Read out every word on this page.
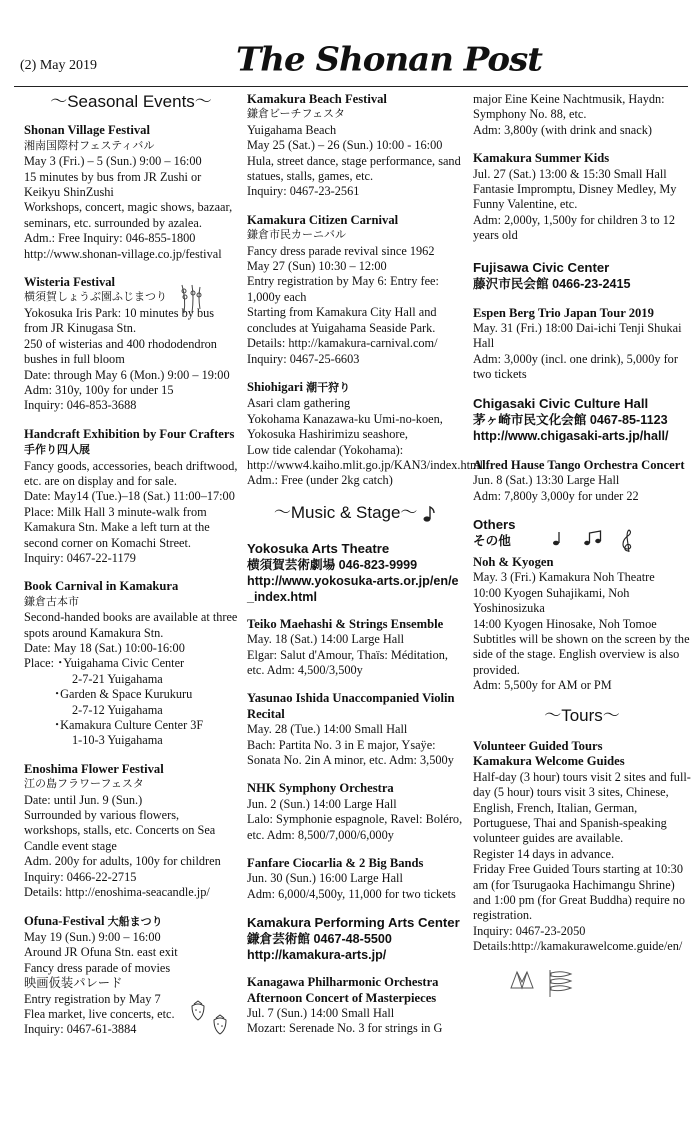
(2) May 2019	The Shonan Post
〜Seasonal Events〜
Shonan Village Festival
湘南国際村フェスティバル
May 3 (Fri.) – 5 (Sun.) 9:00 – 16:00
15 minutes by bus from JR Zushi or Keikyu ShinZushi
Workshops, concert, magic shows, bazaar, seminars, etc. surrounded by azalea.
Adm.: Free Inquiry: 046-855-1800
http://www.shonan-village.co.jp/festival
Wisteria Festival
横須賀しょうぶ園ふじまつり
Yokosuka Iris Park: 10 minutes by bus from JR Kinugasa Stn.
250 of wisterias and 400 rhododendron bushes in full bloom
Date: through May 6 (Mon.) 9:00 – 19:00
Adm: 310y, 100y for under 15
Inquiry: 046-853-3688
Handcraft Exhibition by Four Crafters 手作り四人展
Fancy goods, accessories, beach driftwood, etc. are on display and for sale.
Date: May14 (Tue.)–18 (Sat.) 11:00–17:00
Place: Milk Hall 3 minute-walk from Kamakura Stn. Make a left turn at the second corner on Komachi Street.
Inquiry: 0467-22-1179
Book Carnival in Kamakura
鎌倉古本市
Second-handed books are available at three spots around Kamakura Stn.
Date: May 18 (Sat.) 10:00-16:00
Place: ･Yuigahama Civic Center
2-7-21 Yuigahama
･Garden & Space Kurukuru
2-7-12 Yuigahama
･Kamakura Culture Center 3F
1-10-3 Yuigahama
Enoshima Flower Festival
江の島フラワーフェスタ
Date: until Jun. 9 (Sun.)
Surrounded by various flowers, workshops, stalls, etc. Concerts on Sea Candle event stage
Adm. 200y for adults, 100y for children
Inquiry: 0466-22-2715
Details: http://enoshima-seacandle.jp/
Ofuna-Festival 大船まつり
May 19 (Sun.) 9:00 – 16:00
Around JR Ofuna Stn. east exit
Fancy dress parade of movies
映画仮装パレード
Entry registration by May 7
Flea market, live concerts, etc.
Inquiry: 0467-61-3884
Kamakura Beach Festival
鎌倉ビーチフェスタ
Yuigahama Beach
May 25 (Sat.) – 26 (Sun.) 10:00 - 16:00
Hula, street dance, stage performance, sand statues, stalls, games, etc.
Inquiry: 0467-23-2561
Kamakura Citizen Carnival
鎌倉市民カーニバル
Fancy dress parade revival since 1962
May 27 (Sun) 10:30 – 12:00
Entry registration by May 6: Entry fee: 1,000y each
Starting from Kamakura City Hall and concludes at Yuigahama Seaside Park.
Details: http://kamakura-carnival.com/
Inquiry: 0467-25-6603
Shiohigari 潮干狩り
Asari clam gathering
Yokohama Kanazawa-ku Umi-no-koen, Yokosuka Hashirimizu seashore,
Low tide calendar (Yokohama):
http://www4.kaiho.mlit.go.jp/KAN3/index.html Adm.: Free (under 2kg catch)
〜Music & Stage〜
Yokosuka Arts Theatre
横須賀芸術劇場 046-823-9999
http://www.yokosuka-arts.or.jp/en/e_index.html
Teiko Maehashi & Strings Ensemble
May. 18 (Sat.) 14:00 Large Hall
Elgar: Salut d'Amour, Thaïs: Méditation, etc. Adm: 4,500/3,500y
Yasunao Ishida Unaccompanied Violin Recital
May. 28 (Tue.) 14:00 Small Hall
Bach: Partita No. 3 in E major, Ysaÿe: Sonata No. 2in A minor, etc. Adm: 3,500y
NHK Symphony Orchestra
Jun. 2 (Sun.) 14:00 Large Hall
Lalo: Symphonie espagnole, Ravel: Boléro, etc. Adm: 8,500/7,000/6,000y
Fanfare Ciocarlia & 2 Big Bands
Jun. 30 (Sun.) 16:00 Large Hall
Adm: 6,000/4,500y, 11,000 for two tickets
Kamakura Performing Arts Center
鎌倉芸術館 0467-48-5500
http://kamakura-arts.jp/
Kanagawa Philharmonic Orchestra Afternoon Concert of Masterpieces
Jul. 7 (Sun.) 14:00 Small Hall
Mozart: Serenade No. 3 for strings in G
major Eine Keine Nachtmusik, Haydn: Symphony No. 88, etc.
Adm: 3,800y (with drink and snack)
Kamakura Summer Kids
Jul. 27 (Sat.) 13:00 & 15:30 Small Hall
Fantasie Impromptu, Disney Medley, My Funny Valentine, etc.
Adm: 2,000y, 1,500y for children 3 to 12 years old
Fujisawa Civic Center
藤沢市民会館 0466-23-2415
Espen Berg Trio Japan Tour 2019
May. 31 (Fri.) 18:00 Dai-ichi Tenji Shukai Hall
Adm: 3,000y (incl. one drink), 5,000y for two tickets
Chigasaki Civic Culture Hall
茅ヶ崎市民文化会館 0467-85-1123
http://www.chigasaki-arts.jp/hall/
Alfred Hause Tango Orchestra Concert
Jun. 8 (Sat.) 13:30 Large Hall
Adm: 7,800y 3,000y for under 22
Others
その他
Noh & Kyogen
May. 3 (Fri.) Kamakura Noh Theatre
10:00 Kyogen Suhajikami, Noh Yoshinosizuka
14:00 Kyogen Hinosake, Noh Tomoe
Subtitles will be shown on the screen by the side of the stage. English overview is also provided.
Adm: 5,500y for AM or PM
〜Tours〜
Volunteer Guided Tours
Kamakura Welcome Guides
Half-day (3 hour) tours visit 2 sites and full-day (5 hour) tours visit 3 sites, Chinese, English, French, Italian, German, Portuguese, Thai and Spanish-speaking volunteer guides are available.
Register 14 days in advance.
Friday Free Guided Tours starting at 10:30 am (for Tsurugaoka Hachimangu Shrine) and 1:00 pm (for Great Buddha) require no registration.
Inquiry: 0467-23-2050
Details:http://kamakurawelcome.guide/en/
